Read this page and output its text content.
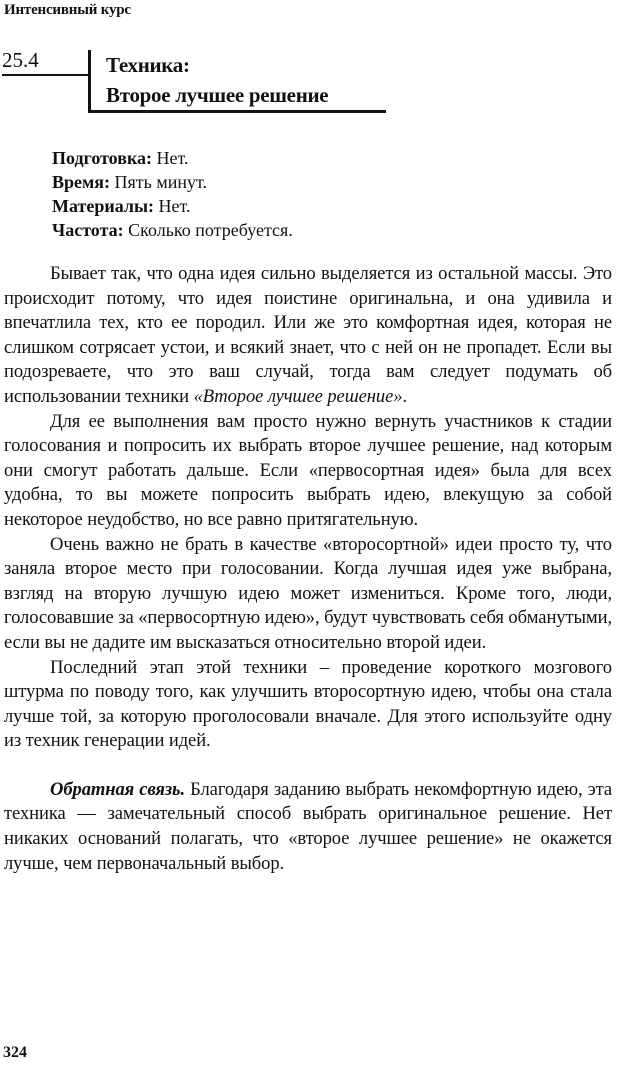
Интенсивный курс
25.4	Техника:
Второе лучшее решение
Подготовка: Нет.
Время: Пять минут.
Материалы: Нет.
Частота: Сколько потребуется.

Бывает так, что одна идея сильно выделяется из остальной массы. Это происходит потому, что идея поистине оригинальна, и она удивила и впечатлила тех, кто ее породил. Или же это комфортная идея, которая не слишком сотрясает устои, и всякий знает, что с ней он не пропадет. Если вы подозреваете, что это ваш случай, тогда вам следует подумать об использовании техники «Второе лучшее решение».

Для ее выполнения вам просто нужно вернуть участников к стадии голосования и попросить их выбрать второе лучшее решение, над которым они смогут работать дальше. Если «первосортная идея» была для всех удобна, то вы можете попросить выбрать идею, влекущую за собой некоторое неудобство, но все равно притягательную.

Очень важно не брать в качестве «второсортной» идеи просто ту, что заняла второе место при голосовании. Когда лучшая идея уже выбрана, взгляд на вторую лучшую идею может измениться. Кроме того, люди, голосовавшие за «первосортную идею», будут чувствовать себя обманутыми, если вы не дадите им высказаться относительно второй идеи.

Последний этап этой техники – проведение короткого мозгового штурма по поводу того, как улучшить второсортную идею, чтобы она стала лучше той, за которую проголосовали вначале. Для этого используйте одну из техник генерации идей.

Обратная связь. Благодаря заданию выбрать некомфортную идею, эта техника — замечательный способ выбрать оригинальное решение. Нет никаких оснований полагать, что «второе лучшее решение» не окажется лучше, чем первоначальный выбор.

324
